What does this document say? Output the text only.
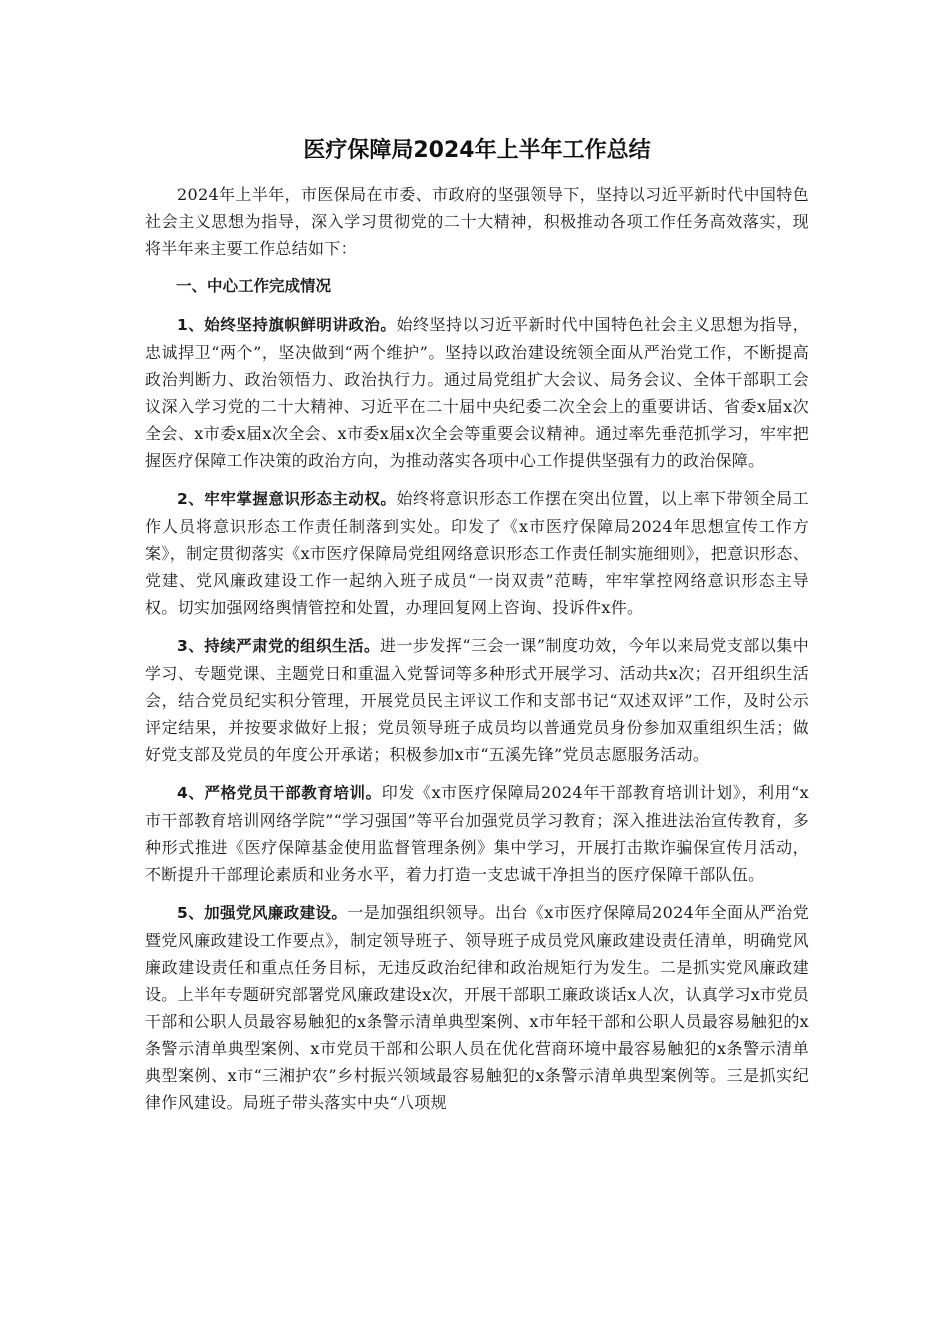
医疗保障局2024年上半年工作总结

2024年上半年，市医保局在市委、市政府的坚强领导下，坚持以习近平新时代中国特色社会主义思想为指导，深入学习贯彻党的二十大精神，积极推动各项工作任务高效落实，现将半年来主要工作总结如下：

一、中心工作完成情况

1、始终坚持旗帜鲜明讲政治。始终坚持以习近平新时代中国特色社会主义思想为指导，忠诚捍卫“两个”，坚决做到“两个维护”。坚持以政治建设统领全面从严治党工作，不断提高政治判断力、政治领悟力、政治执行力。通过局党组扩大会议、局务会议、全体干部职工会议深入学习党的二十大精神、习近平在二十届中央纪委二次全会上的重要讲话、省委x届x次全会、x市委x届x次全会、x市委x届x次全会等重要会议精神。通过率先垂范抓学习，牢牢把握医疗保障工作决策的政治方向，为推动落实各项中心工作提供坚强有力的政治保障。

2、牢牢掌握意识形态主动权。始终将意识形态工作摆在突出位置，以上率下带领全局工作人员将意识形态工作责任制落到实处。印发了《x市医疗保障局2024年思想宣传工作方案》，制定贯彻落实《x市医疗保障局党组网络意识形态工作责任制实施细则》，把意识形态、党建、党风廉政建设工作一起纳入班子成员“一岗双责”范畴，牢牢掌控网络意识形态主导权。切实加强网络舆情管控和处置，办理回复网上咨询、投诉件x件。

3、持续严肃党的组织生活。进一步发挥“三会一课”制度功效，今年以来局党支部以集中学习、专题党课、主题党日和重温入党誓词等多种形式开展学习、活动共x次；召开组织生活会，结合党员纪实积分管理，开展党员民主评议工作和支部书记“双述双评”工作，及时公示评定结果，并按要求做好上报；党员领导班子成员均以普通党员身份参加双重组织生活；做好党支部及党员的年度公开承诺；积极参加x市“五溪先锋”党员志愿服务活动。

4、严格党员干部教育培训。印发《x市医疗保障局2024年干部教育培训计划》，利用“x市干部教育培训网络学院”“学习强国”等平台加强党员学习教育；深入推进法治宣传教育，多种形式推进《医疗保障基金使用监督管理条例》集中学习，开展打击欺诈骗保宣传月活动，不断提升干部理论素质和业务水平，着力打造一支忠诚干净担当的医疗保障干部队伍。

5、加强党风廉政建设。一是加强组织领导。出台《x市医疗保障局2024年全面从严治党暨党风廉政建设工作要点》，制定领导班子、领导班子成员党风廉政建设责任清单，明确党风廉政建设责任和重点任务目标，无违反政治纪律和政治规矩行为发生。二是抓实党风廉政建设。上半年专题研究部署党风廉政建设x次，开展干部职工廉政谈话x人次，认真学习x市党员干部和公职人员最容易触犯的x条警示清单典型案例、x市年轻干部和公职人员最容易触犯的x条警示清单典型案例、x市党员干部和公职人员在优化营商环境中最容易触犯的x条警示清单典型案例、x市“三湘护农”乡村振兴领域最容易触犯的x条警示清单典型案例等。三是抓实纪律作风建设。局班子带头落实中央“八项规
